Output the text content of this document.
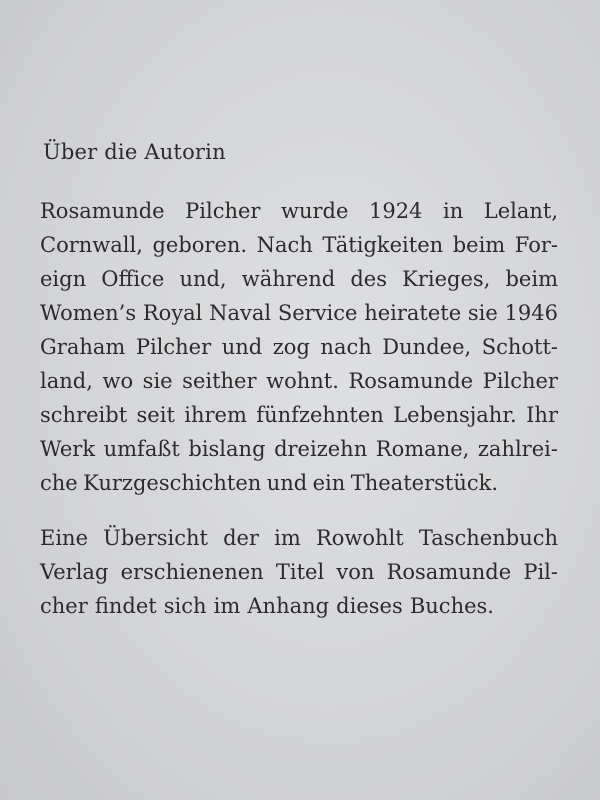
Über die Autorin
Rosamunde Pilcher wurde 1924 in Lelant,
Cornwall, geboren. Nach Tätigkeiten beim For-
eign Office und, während des Krieges, beim
Women’s Royal Naval Service heiratete sie 1946
Graham Pilcher und zog nach Dundee, Schott-
land, wo sie seither wohnt. Rosamunde Pilcher
schreibt seit ihrem fünfzehnten Lebensjahr. Ihr
Werk umfaßt bislang dreizehn Romane, zahlrei-
che Kurzgeschichten und ein Theaterstück.
Eine Übersicht der im Rowohlt Taschenbuch
Verlag erschienenen Titel von Rosamunde Pil-
cher findet sich im Anhang dieses Buches.
